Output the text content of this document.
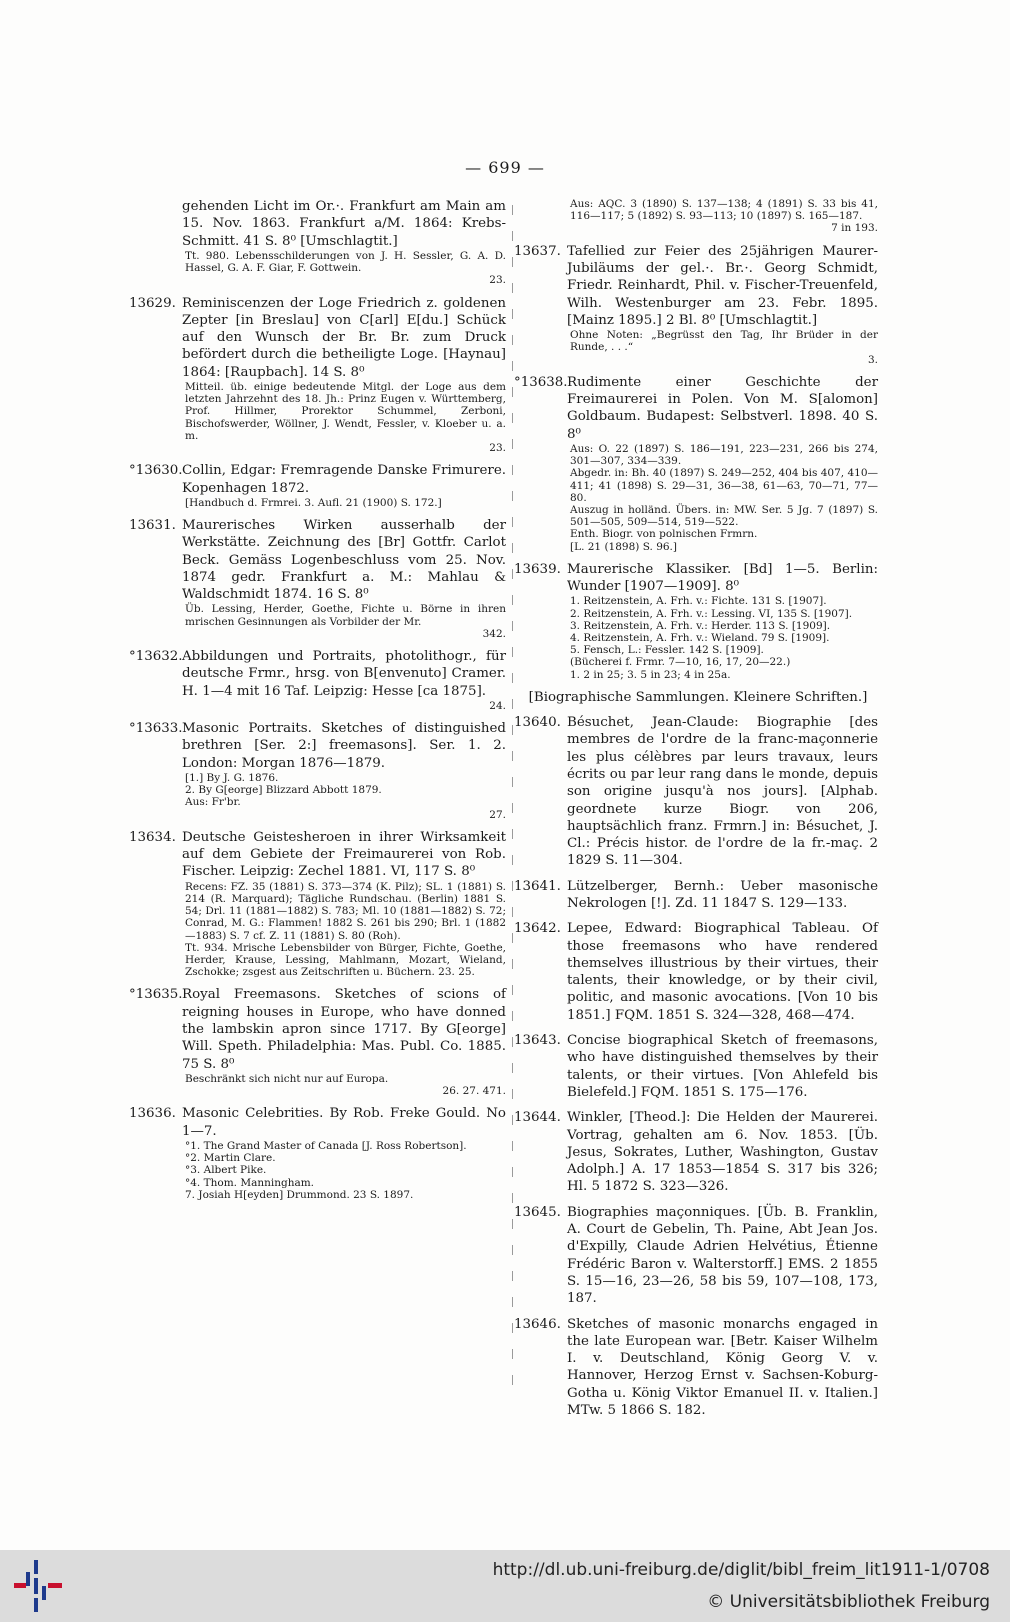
— 699 —
gehenden Licht im Or.·. Frankfurt am Main am 15. Nov. 1863. Frankfurt a/M. 1864: Krebs-Schmitt. 41 S. 8⁰ [Umschlagtit.]
Tt. 980. Lebensschilderungen von J. H. Sessler, G. A. D. Hassel, G. A. F. Giar, F. Gottwein.
23.
13629. Reminiscenzen der Loge Friedrich z. goldenen Zepter [in Breslau] von C[arl] E[du.] Schück auf den Wunsch der Br. Br. zum Druck befördert durch die betheiligte Loge. [Haynau] 1864: [Raupbach]. 14 S. 8⁰
Mitteil. üb. einige bedeutende Mitgl. der Loge aus dem letzten Jahrzehnt des 18. Jh.: Prinz Eugen v. Württemberg, Prof. Hillmer, Prorektor Schummel, Zerboni, Bischofswerder, Wöllner, J. Wendt, Fessler, v. Kloeber u. a. m.
23.
°13630. Collin, Edgar: Fremragende Danske Frimurere. Kopenhagen 1872.
[Handbuch d. Frmrei. 3. Aufl. 21 (1900) S. 172.]
13631. Maurerisches Wirken ausserhalb der Werkstätte. Zeichnung des [Br] Gottfr. Carlot Beck. Gemäss Logenbeschluss vom 25. Nov. 1874 gedr. Frankfurt a. M.: Mahlau & Waldschmidt 1874. 16 S. 8⁰
Üb. Lessing, Herder, Goethe, Fichte u. Börne in ihren mrischen Gesinnungen als Vorbilder der Mr.
342.
°13632. Abbildungen und Portraits, photolithogr., für deutsche Frmr., hrsg. von B[envenuto] Cramer. H. 1—4 mit 16 Taf. Leipzig: Hesse [ca 1875].
24.
°13633. Masonic Portraits. Sketches of distinguished brethren [Ser. 2:] freemasons]. Ser. 1. 2. London: Morgan 1876—1879.
[1.] By J. G. 1876.
2. By G[eorge] Blizzard Abbott 1879.
Aus: Fr'br.
27.
13634. Deutsche Geistesheroen in ihrer Wirksamkeit auf dem Gebiete der Freimaurerei von Rob. Fischer. Leipzig: Zechel 1881. VI, 117 S. 8⁰
Recens: FZ. 35 (1881) S. 373—374 (K. Pilz); SL. 1 (1881) S. 214 (R. Marquard); Tägliche Rundschau. (Berlin) 1881 S. 54; Drl. 11 (1881—1882) S. 783; Ml. 10 (1881—1882) S. 72; Conrad, M. G.: Flammen! 1882 S. 261 bis 290; Brl. 1 (1882—1883) S. 7 cf. Z. 11 (1881) S. 80 (Roh).
Tt. 934. Mrische Lebensbilder von Bürger, Fichte, Goethe, Herder, Krause, Lessing, Mahlmann, Mozart, Wieland, Zschokke; zsgest aus Zeitschriften u. Büchern. 23. 25.
°13635. Royal Freemasons. Sketches of scions of reigning houses in Europe, who have donned the lambskin apron since 1717. By G[eorge] Will. Speth. Philadelphia: Mas. Publ. Co. 1885. 75 S. 8⁰
Beschränkt sich nicht nur auf Europa.
26. 27. 471.
13636. Masonic Celebrities. By Rob. Freke Gould. No 1—7.
°1. The Grand Master of Canada [J. Ross Robertson].
°2. Martin Clare.
°3. Albert Pike.
°4. Thom. Manningham.
7. Josiah H[eyden] Drummond. 23 S. 1897.
Aus: AQC. 3 (1890) S. 137—138; 4 (1891) S. 33 bis 41, 116—117; 5 (1892) S. 93—113; 10 (1897) S. 165—187.
7 in 193.
13637. Tafellied zur Feier des 25jährigen Maurer-Jubiläums der gel.·. Br.·. Georg Schmidt, Friedr. Reinhardt, Phil. v. Fischer-Treuenfeld, Wilh. Westenburger am 23. Febr. 1895. [Mainz 1895.] 2 Bl. 8⁰ [Umschlagtit.]
Ohne Noten: „Begrüsst den Tag, Ihr Brüder in der Runde, . . .“
3.
°13638. Rudimente einer Geschichte der Freimaurerei in Polen. Von M. S[alomon] Goldbaum. Budapest: Selbstverl. 1898. 40 S. 8⁰
Aus: O. 22 (1897) S. 186—191, 223—231, 266 bis 274, 301—307, 334—339.
Abgedr. in: Bh. 40 (1897) S. 249—252, 404 bis 407, 410—411; 41 (1898) S. 29—31, 36—38, 61—63, 70—71, 77—80.
Auszug in holländ. Übers. in: MW. Ser. 5 Jg. 7 (1897) S. 501—505, 509—514, 519—522.
Enth. Biogr. von polnischen Frmrn.
[L. 21 (1898) S. 96.]
13639. Maurerische Klassiker. [Bd] 1—5. Berlin: Wunder [1907—1909]. 8⁰
1. Reitzenstein, A. Frh. v.: Fichte. 131 S. [1907].
2. Reitzenstein, A. Frh. v.: Lessing. VI, 135 S. [1907].
3. Reitzenstein, A. Frh. v.: Herder. 113 S. [1909].
4. Reitzenstein, A. Frh. v.: Wieland. 79 S. [1909].
5. Fensch, L.: Fessler. 142 S. [1909].
(Bücherei f. Frmr. 7—10, 16, 17, 20—22.)
1. 2 in 25; 3. 5 in 23; 4 in 25a.
[Biographische Sammlungen. Kleinere Schriften.]
13640. Bésuchet, Jean-Claude: Biographie [des membres de l'ordre de la franc-maçonnerie les plus célèbres par leurs travaux, leurs écrits ou par leur rang dans le monde, depuis son origine jusqu'à nos jours]. [Alphab. geordnete kurze Biogr. von 206, hauptsächlich franz. Frmrn.] in: Bésuchet, J. Cl.: Précis histor. de l'ordre de la fr.-maç. 2 1829 S. 11—304.
13641. Lützelberger, Bernh.: Ueber masonische Nekrologen [!]. Zd. 11 1847 S. 129—133.
13642. Lepee, Edward: Biographical Tableau. Of those freemasons who have rendered themselves illustrious by their virtues, their talents, their knowledge, or by their civil, politic, and masonic avocations. [Von 10 bis 1851.] FQM. 1851 S. 324—328, 468—474.
13643. Concise biographical Sketch of freemasons, who have distinguished themselves by their talents, or their virtues. [Von Ahlefeld bis Bielefeld.] FQM. 1851 S. 175—176.
13644. Winkler, [Theod.]: Die Helden der Maurerei. Vortrag, gehalten am 6. Nov. 1853. [Üb. Jesus, Sokrates, Luther, Washington, Gustav Adolph.] A. 17 1853—1854 S. 317 bis 326; Hl. 5 1872 S. 323—326.
13645. Biographies maçonniques. [Üb. B. Franklin, A. Court de Gebelin, Th. Paine, Abt Jean Jos. d'Expilly, Claude Adrien Helvétius, Étienne Frédéric Baron v. Walterstorff.] EMS. 2 1855 S. 15—16, 23—26, 58 bis 59, 107—108, 173, 187.
13646. Sketches of masonic monarchs engaged in the late European war. [Betr. Kaiser Wilhelm I. v. Deutschland, König Georg V. v. Hannover, Herzog Ernst v. Sachsen-Koburg-Gotha u. König Viktor Emanuel II. v. Italien.] MTw. 5 1866 S. 182.
http://dl.ub.uni-freiburg.de/diglit/bibl_freim_lit1911-1/0708
© Universitätsbibliothek Freiburg
